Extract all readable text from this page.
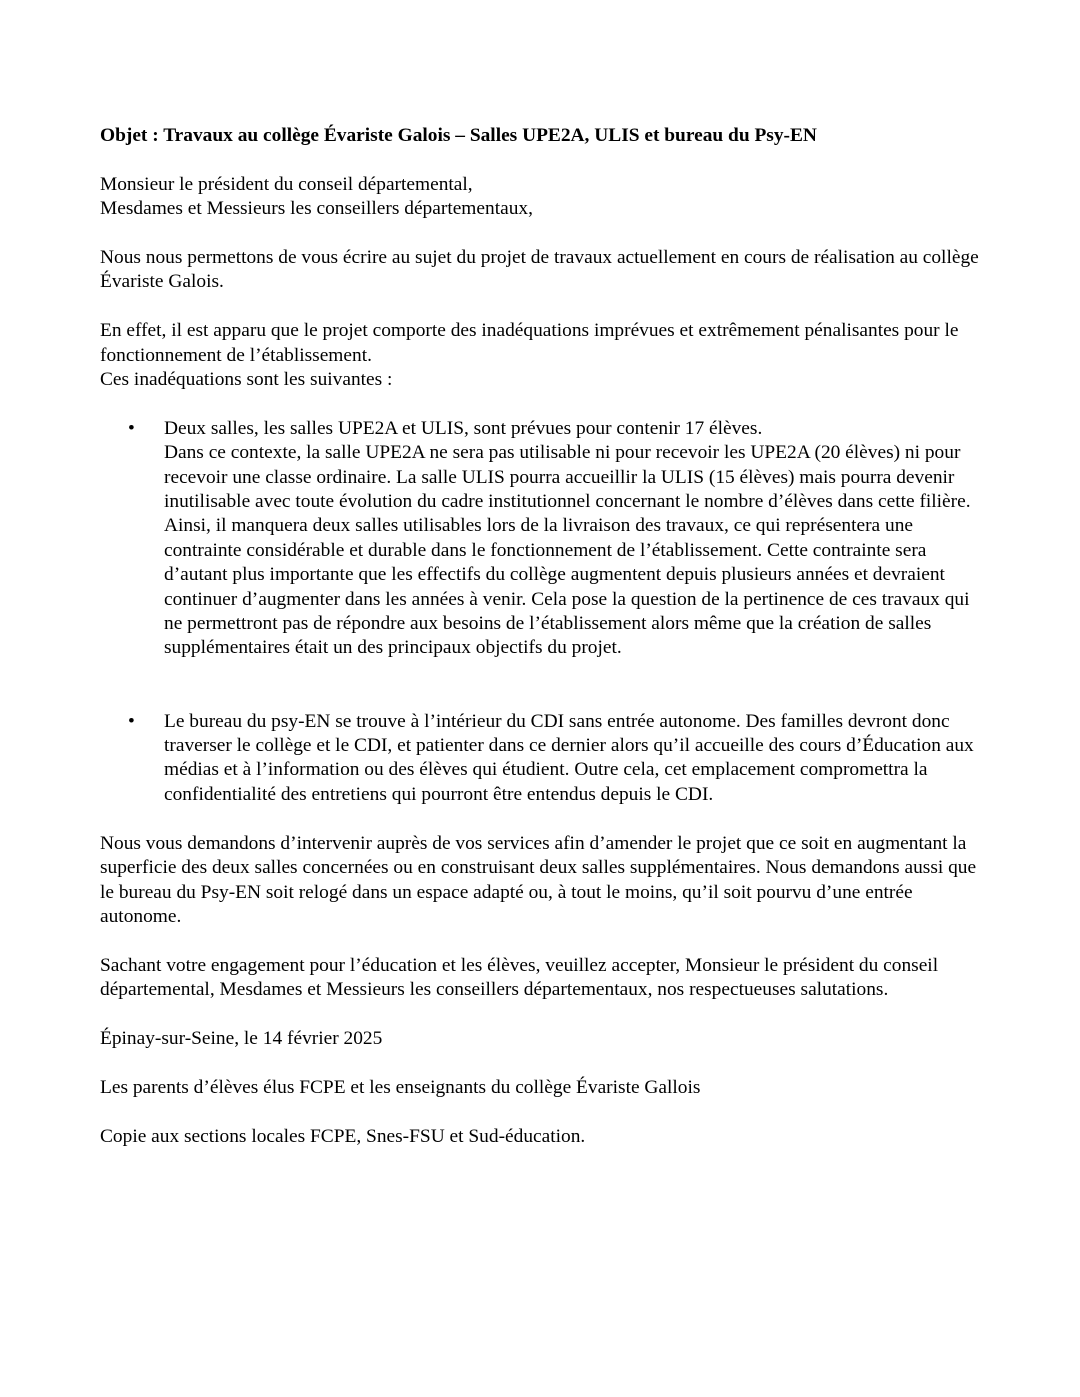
Objet : Travaux au collège Évariste Galois – Salles UPE2A, ULIS et bureau du Psy-EN

Monsieur le président du conseil départemental,
Mesdames et Messieurs les conseillers départementaux,

Nous nous permettons de vous écrire au sujet du projet de travaux actuellement en cours de réalisation au collège Évariste Galois.

En effet, il est apparu que le projet comporte des inadéquations imprévues et extrêmement pénalisantes pour le fonctionnement de l’établissement.
Ces inadéquations sont les suivantes :

• Deux salles, les salles UPE2A et ULIS, sont prévues pour contenir 17 élèves.
Dans ce contexte, la salle UPE2A ne sera pas utilisable ni pour recevoir les UPE2A (20 élèves) ni pour recevoir une classe ordinaire. La salle ULIS pourra accueillir la ULIS (15 élèves) mais pourra devenir inutilisable avec toute évolution du cadre institutionnel concernant le nombre d’élèves dans cette filière. Ainsi, il manquera deux salles utilisables lors de la livraison des travaux, ce qui représentera une contrainte considérable et durable dans le fonctionnement de l’établissement. Cette contrainte sera d’autant plus importante que les effectifs du collège augmentent depuis plusieurs années et devraient continuer d’augmenter dans les années à venir. Cela pose la question de la pertinence de ces travaux qui ne permettront pas de répondre aux besoins de l’établissement alors même que la création de salles supplémentaires était un des principaux objectifs du projet.
• Le bureau du psy-EN se trouve à l’intérieur du CDI sans entrée autonome. Des familles devront donc traverser le collège et le CDI, et patienter dans ce dernier alors qu’il accueille des cours d’Éducation aux médias et à l’information ou des élèves qui étudient. Outre cela, cet emplacement compromettra la confidentialité des entretiens qui pourront être entendus depuis le CDI.

Nous vous demandons d’intervenir auprès de vos services afin d’amender le projet que ce soit en augmentant la superficie des deux salles concernées ou en construisant deux salles supplémentaires. Nous demandons aussi que le bureau du Psy-EN soit relogé dans un espace adapté ou, à tout le moins, qu’il soit pourvu d’une entrée autonome.

Sachant votre engagement pour l’éducation et les élèves, veuillez accepter, Monsieur le président du conseil départemental, Mesdames et Messieurs les conseillers départementaux, nos respectueuses salutations.

Épinay-sur-Seine, le 14 février 2025

Les parents d’élèves élus FCPE et les enseignants du collège Évariste Gallois

Copie aux sections locales FCPE, Snes-FSU et Sud-éducation.
